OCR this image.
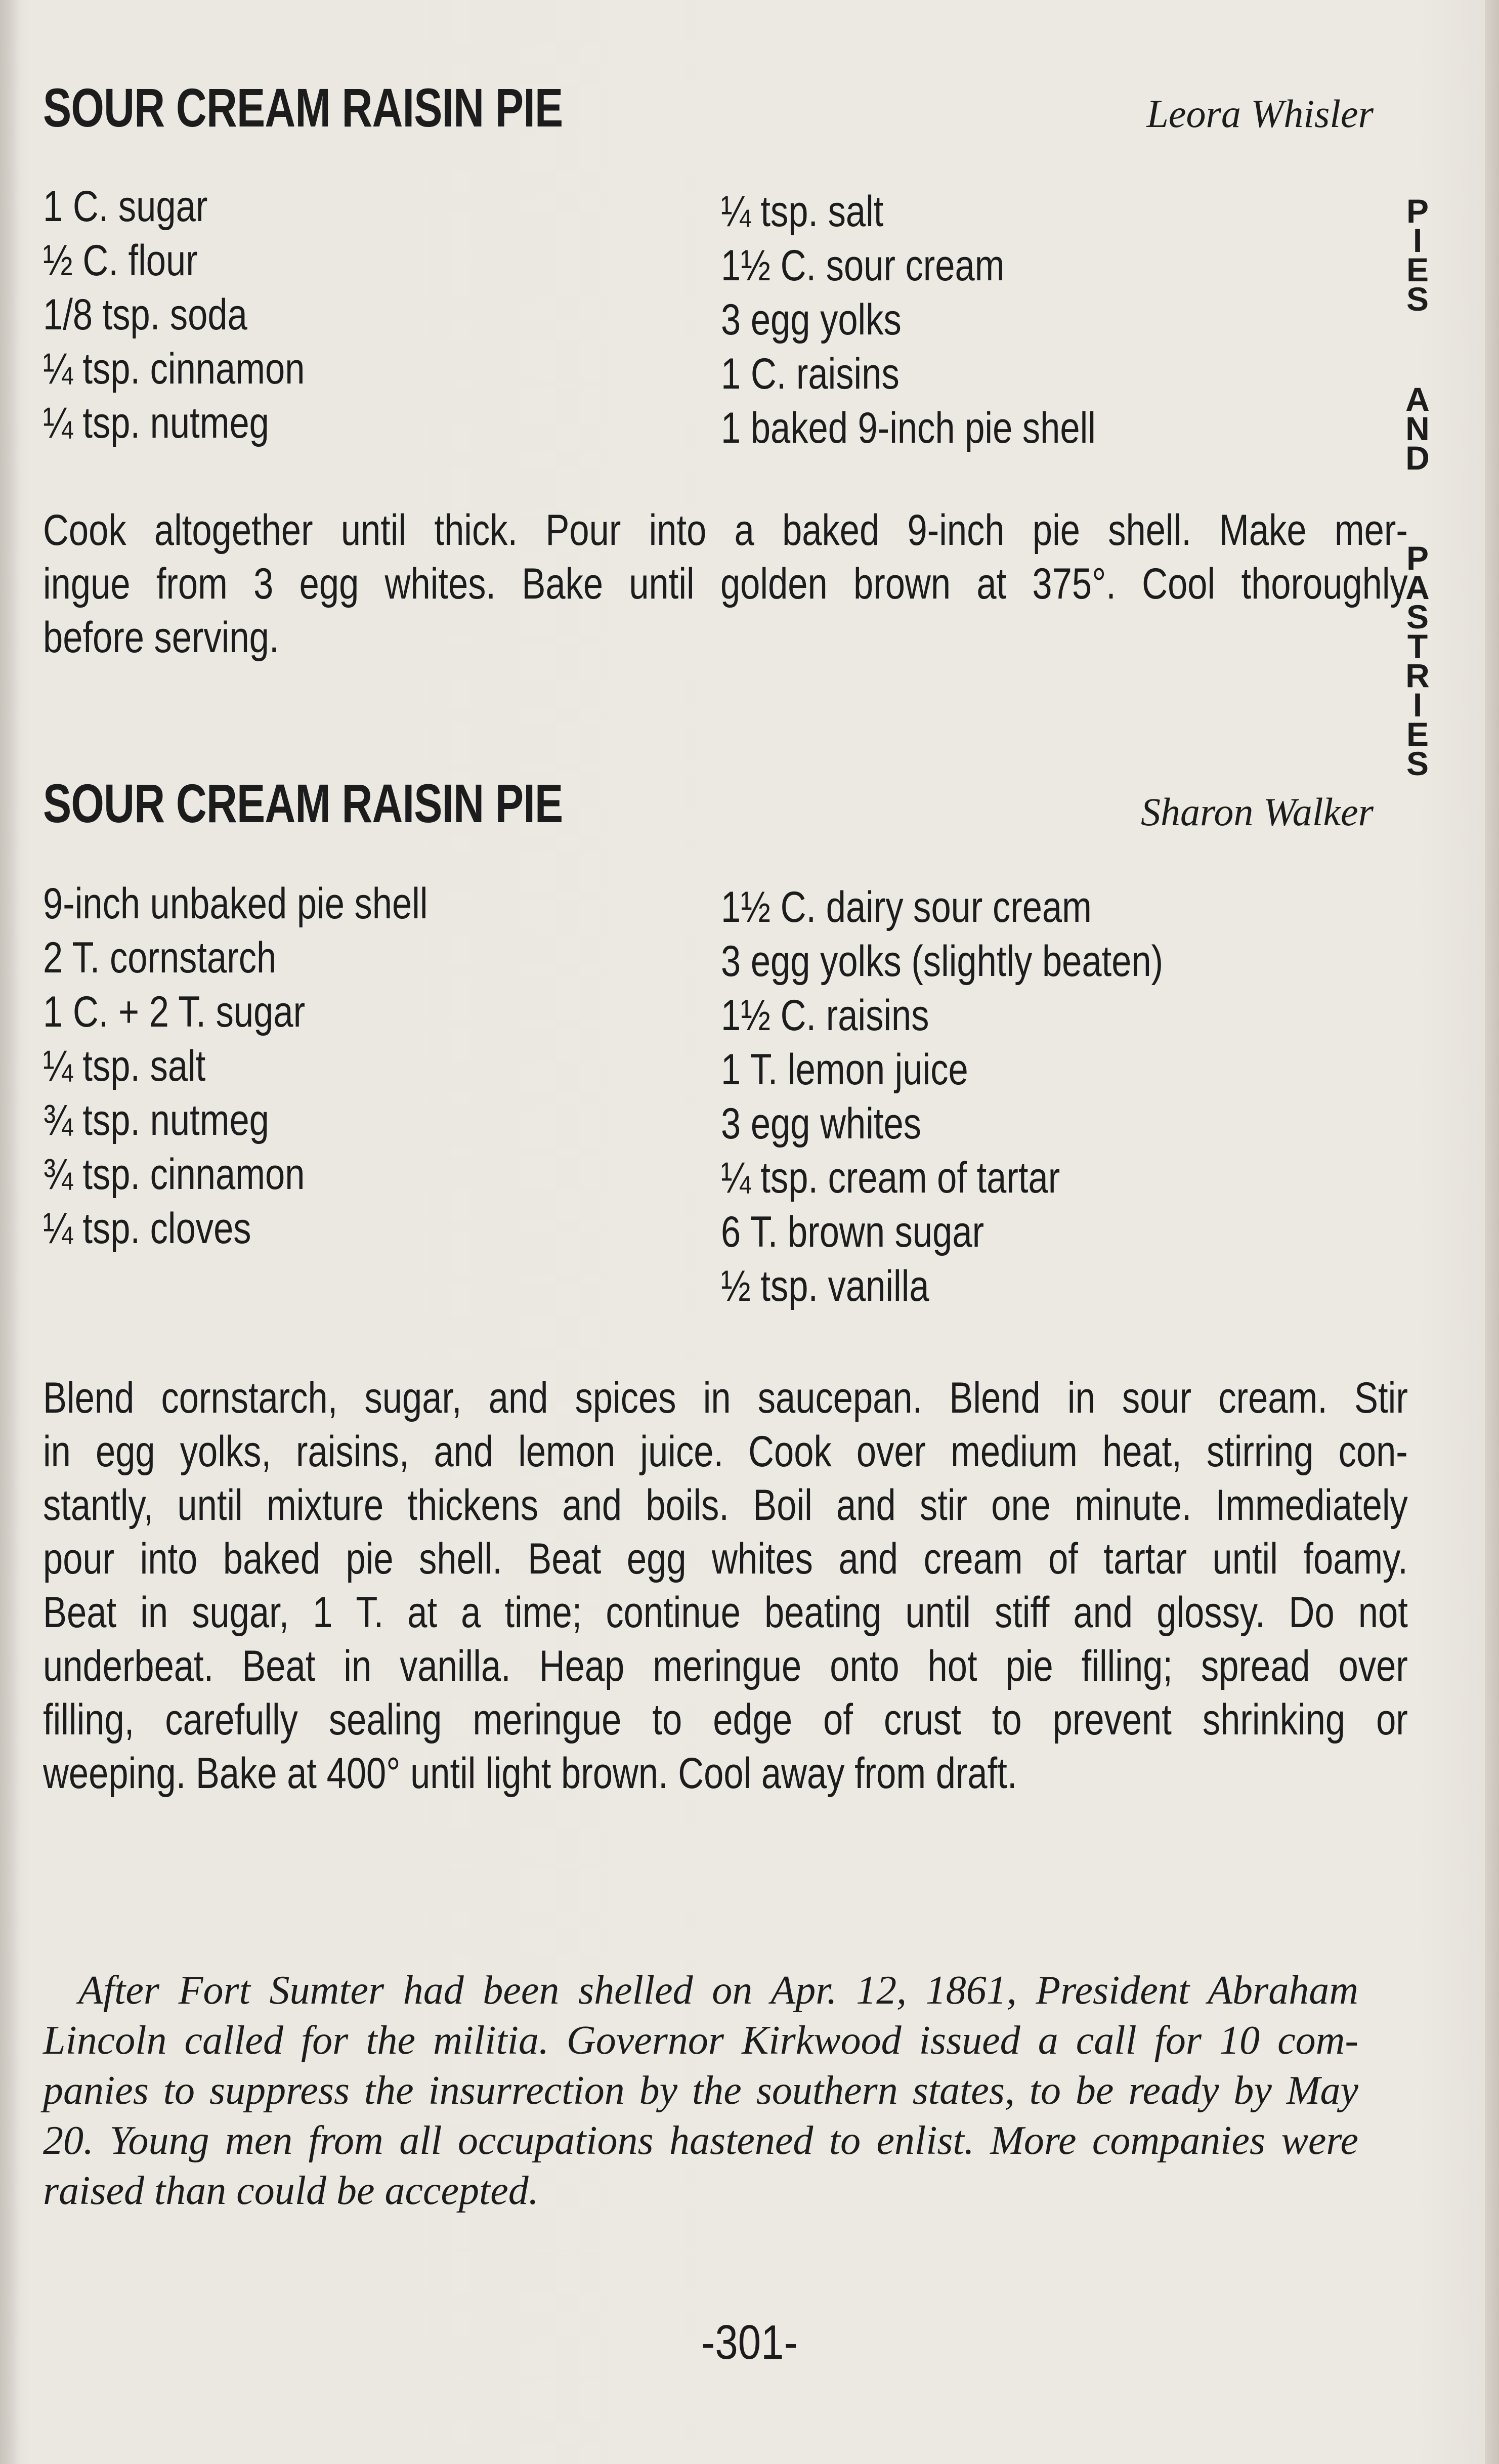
SOUR CREAM RAISIN PIE	Leora Whisler
1 C. sugar
½ C. flour
1/8 tsp. soda
¼ tsp. cinnamon
¼ tsp. nutmeg
¼ tsp. salt
1½ C. sour cream
3 egg yolks
1 C. raisins
1 baked 9-inch pie shell
Cook altogether until thick. Pour into a baked 9-inch pie shell. Make mer-
ingue from 3 egg whites. Bake until golden brown at 375°. Cool thoroughly
before serving.
SOUR CREAM RAISIN PIE	Sharon Walker
9-inch unbaked pie shell
2 T. cornstarch
1 C. + 2 T. sugar
¼ tsp. salt
¾ tsp. nutmeg
¾ tsp. cinnamon
¼ tsp. cloves
1½ C. dairy sour cream
3 egg yolks (slightly beaten)
1½ C. raisins
1 T. lemon juice
3 egg whites
¼ tsp. cream of tartar
6 T. brown sugar
½ tsp. vanilla
Blend cornstarch, sugar, and spices in saucepan. Blend in sour cream. Stir
in egg yolks, raisins, and lemon juice. Cook over medium heat, stirring con-
stantly, until mixture thickens and boils. Boil and stir one minute. Immediately
pour into baked pie shell. Beat egg whites and cream of tartar until foamy.
Beat in sugar, 1 T. at a time; continue beating until stiff and glossy. Do not
underbeat. Beat in vanilla. Heap meringue onto hot pie filling; spread over
filling, carefully sealing meringue to edge of crust to prevent shrinking or
weeping. Bake at 400° until light brown. Cool away from draft.
After Fort Sumter had been shelled on Apr. 12, 1861, President Abraham
Lincoln called for the militia. Governor Kirkwood issued a call for 10 com-
panies to suppress the insurrection by the southern states, to be ready by May
20. Young men from all occupations hastened to enlist. More companies were
raised than could be accepted.
P
I
E
S
A
N
D
P
A
S
T
R
I
E
S
-301-
